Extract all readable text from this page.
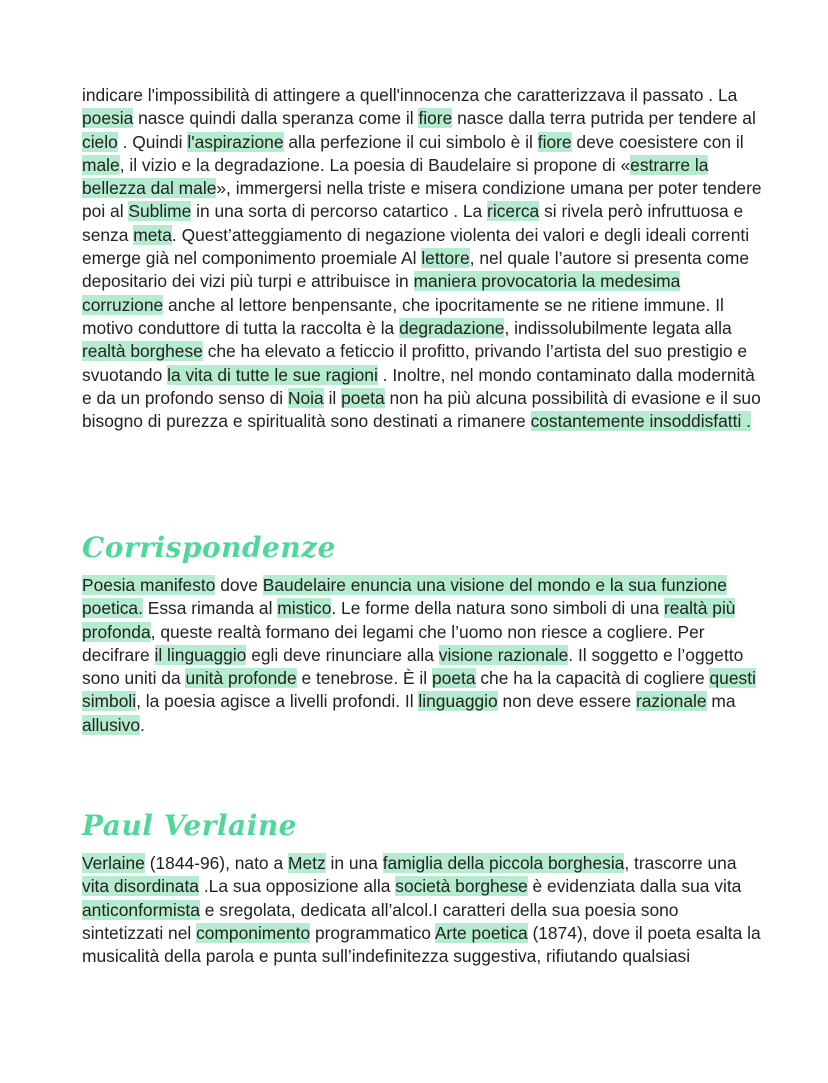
indicare l'impossibilità di attingere a quell'innocenza che caratterizzava il passato . La poesia nasce quindi dalla speranza come il fiore nasce dalla terra putrida per tendere al cielo . Quindi l'aspirazione alla perfezione il cui simbolo è il fiore deve coesistere con il male, il vizio e la degradazione. La poesia di Baudelaire si propone di «estrarre la bellezza dal male», immergersi nella triste e misera condizione umana per poter tendere poi al Sublime in una sorta di percorso catartico . La ricerca si rivela però infruttuosa e senza meta. Quest’atteggiamento di negazione violenta dei valori e degli ideali correnti emerge già nel componimento proemiale Al lettore, nel quale l’autore si presenta come depositario dei vizi più turpi e attribuisce in maniera provocatoria la medesima corruzione anche al lettore benpensante, che ipocritamente se ne ritiene immune. Il motivo conduttore di tutta la raccolta è la degradazione, indissolubilmente legata alla realtà borghese che ha elevato a feticcio il profitto, privando l’artista del suo prestigio e svuotando la vita di tutte le sue ragioni . Inoltre, nel mondo contaminato dalla modernità e da un profondo senso di Noia il poeta non ha più alcuna possibilità di evasione e il suo bisogno di purezza e spiritualità sono destinati a rimanere costantemente insoddisfatti .

Corrispondenze

Poesia manifesto dove Baudelaire enuncia una visione del mondo e la sua funzione poetica. Essa rimanda al mistico. Le forme della natura sono simboli di una realtà più profonda, queste realtà formano dei legami che l’uomo non riesce a cogliere. Per decifrare il linguaggio egli deve rinunciare alla visione razionale. Il soggetto e l’oggetto sono uniti da unità profonde e tenebrose. È il poeta che ha la capacità di cogliere questi simboli, la poesia agisce a livelli profondi. Il linguaggio non deve essere razionale ma allusivo.

Paul Verlaine

Verlaine (1844-96), nato a Metz in una famiglia della piccola borghesia, trascorre una vita disordinata .La sua opposizione alla società borghese è evidenziata dalla sua vita anticonformista e sregolata, dedicata all’alcol.I caratteri della sua poesia sono sintetizzati nel componimento programmatico Arte poetica (1874), dove il poeta esalta la musicalità della parola e punta sull’indefinitezza suggestiva, rifiutando qualsiasi
